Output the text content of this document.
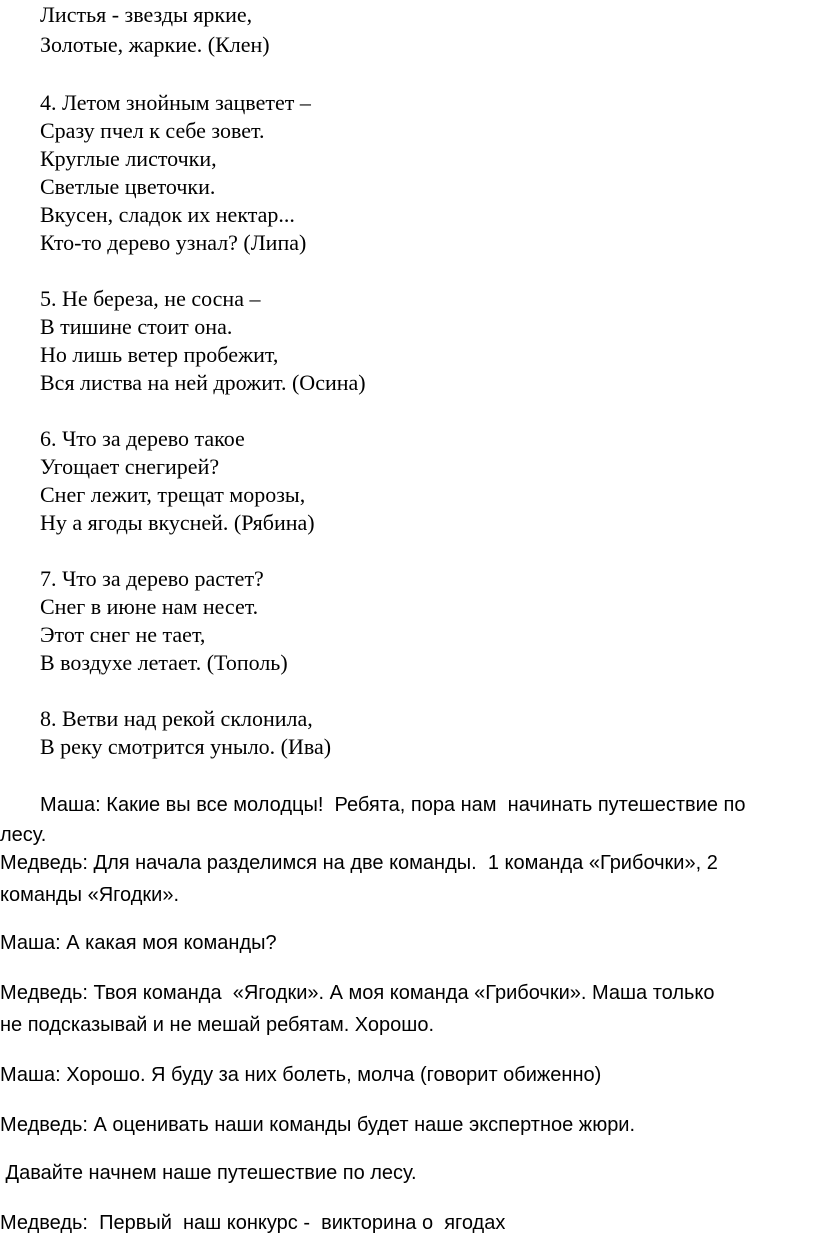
Листья - звезды яркие,
Золотые, жаркие. (Клен)
4. Летом знойным зацветет –
Сразу пчел к себе зовет.
Круглые листочки,
Светлые цветочки.
Вкусен, сладок их нектар...
Кто-то дерево узнал? (Липа)
5. Не береза, не сосна –
В тишине стоит она.
Но лишь ветер пробежит,
Вся листва на ней дрожит. (Осина)
6. Что за дерево такое
Угощает снегирей?
Снег лежит, трещат морозы,
Ну а ягоды вкусней. (Рябина)
7. Что за дерево растет?
Снег в июне нам несет.
Этот снег не тает,
В воздухе летает. (Тополь)
8. Ветви над рекой склонила,
В реку смотрится уныло. (Ива)
Маша: Какие вы все молодцы!  Ребята, пора нам  начинать путешествие по
лесу.
Медведь: Для начала разделимся на две команды.  1 команда «Грибочки», 2
команды «Ягодки».
Маша: А какая моя команды?
Медведь: Твоя команда  «Ягодки». А моя команда «Грибочки». Маша только
не подсказывай и не мешай ребятам. Хорошо.
Маша: Хорошо. Я буду за них болеть, молча (говорит обиженно)
Медведь: А оценивать наши команды будет наше экспертное жюри.
Давайте начнем наше путешествие по лесу.
Медведь:  Первый  наш конкурс -  викторина о  ягодах
